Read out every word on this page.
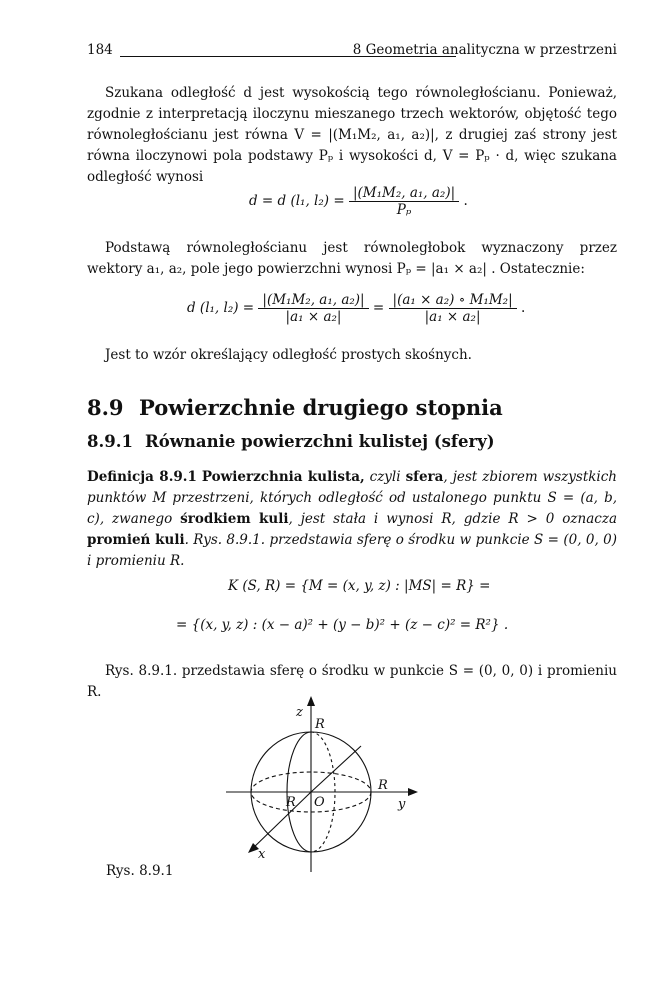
184	8 Geometria analityczna w przestrzeni
Szukana odległość d jest wysokością tego równoległościanu. Ponieważ, zgodnie z interpretacją iloczynu mieszanego trzech wektorów, objętość tego równoległościanu jest równa V = |(M₁M₂, a₁, a₂)|, z drugiej zaś strony jest równa iloczynowi pola podstawy Pₚ i wysokości d, V = Pₚ · d, więc szukana odległość wynosi
d = d (l₁, $l_2) = \frac{\text{|(M₁M₂, a₁, a₂)|}}{\text{Pₚ}}$ .
Podstawą równoległościanu jest równoległobok wyznaczony przez wektory a₁, a₂, pole jego powierzchni wynosi Pₚ = |a₁ × a₂| . Ostatecznie:
d (l₁, $l_2) = \frac{\text{|(M₁M₂, a₁, a₂)|}}{\text{|a₁ × a₂|}} = \frac{\text{|(a₁ × a₂) ∘ M₁M₂|}}{\text{|a₁ × a₂|}}$ .
Jest to wzór określający odległość prostych skośnych.
8.9 Powierzchnie drugiego stopnia
8.9.1 Równanie powierzchni kulistej (sfery)
Definicja 8.9.1 Powierzchnia kulista, czyli sfera, jest zbiorem wszystkich punktów M przestrzeni, których odległość od ustalonego punktu S = (a, b, c), zwanego środkiem kuli, jest stała i wynosi R, gdzie R > 0 oznacza promień kuli. Rys. 8.9.1. przedstawia sferę o środku w punkcie S = (0, 0, 0) i promieniu R.
K (S, R) = {M = (x, y, z) : |MS| = R} =
= {(x, y, z) : (x − a)² + (y − b)² + (z − c)² = R²} .
Rys. 8.9.1. przedstawia sferę o środku w punkcie S = (0, 0, 0) i promieniu R.
z
R
R
y
R O
x
Rys. 8.9.1
